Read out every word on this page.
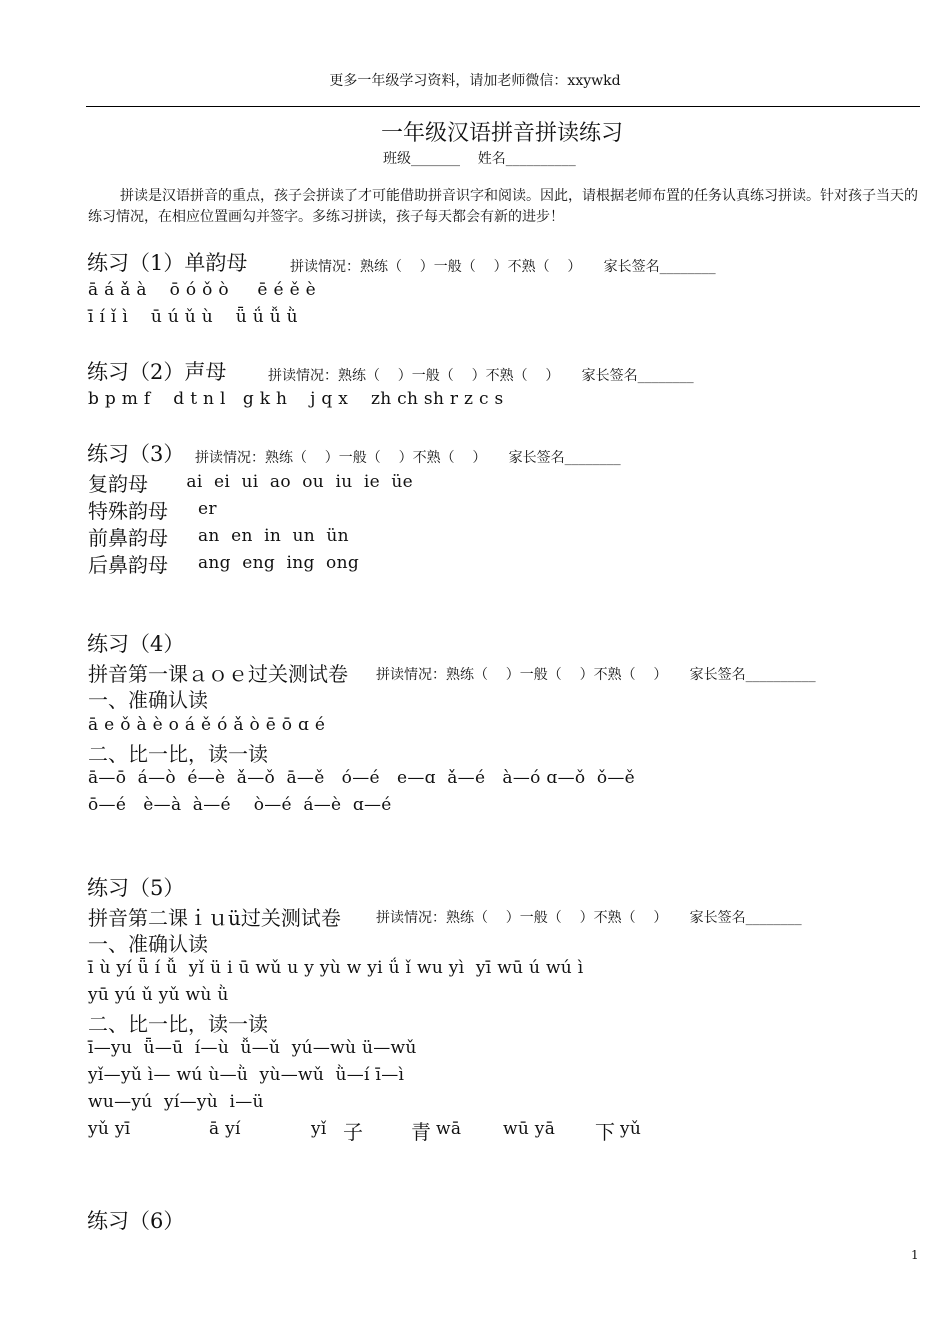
更多一年级学习资料，请加老师微信：xxywkd
一年级汉语拼音拼读练习
班级_______    姓名__________
拼读是汉语拼音的重点，孩子会拼读了才可能借助拼音识字和阅读。因此，请根据老师布置的任务认真练习拼读。针对孩子当天的练习情况，在相应位置画勾并签字。多练习拼读，孩子每天都会有新的进步！
练习（1）单韵母	拼读情况：熟练（    ）一般（    ）不熟（    ）     家长签名________
ā á ǎ à    ō ó ǒ ò     ē é ě è
ī í ǐ ì    ū ú ǔ ù    ǖ ǘ ǚ ǜ
练习（2）声母	拼读情况：熟练（    ）一般（    ）不熟（    ）     家长签名________
b p m f    d t n l   g k h    j q x    zh ch sh r z c s
练习（3） 拼读情况：熟练（    ）一般（    ）不熟（    ）     家长签名________
复韵母 ai  ei  ui  ao  ou  iu  ie  üe
特殊韵母 er
前鼻韵母 an  en  in  un  ün
后鼻韵母 ang  eng  ing  ong
练习（4）
拼音第一课ａｏｅ过关测试卷 拼读情况：熟练（    ）一般（    ）不熟（    ）     家长签名__________
一、准确认读
ā e ǒ à è o á ě ó ǎ ò ē ō ɑ é
二、比一比，读一读
ā—ō  á—ò  é—è  ǎ—ǒ  ā—ě   ó—é   e—ɑ  ǎ—é   à—ó ɑ—ǒ  ǒ—ě
ō—é   è—à  à—é    ò—é  á—è  ɑ—é
练习（5）
拼音第二课ｉｕü过关测试卷	拼读情况：熟练（    ）一般（    ）不熟（    ）     家长签名________
一、准确认读
ī ù yí ǖ í ǚ  yǐ ü i ū wǔ u y yù w yi ǘ ǐ wu yì  yī wū ú wú ì
yū yú ǔ yǔ wù ǜ
二、比一比，读一读
ī—yu  ǖ—ū  í—ù  ǚ—ǔ  yú—wù ü—wǔ
yǐ—yǔ ì— wú ù—ǜ  yù—wǔ  ǜ—í ī—ì
wu—yú  yí—yù  i—ü
yǔ yī	ā yí	yǐ 子 青 wā wū yā 下 yǔ
练习（6）
1
